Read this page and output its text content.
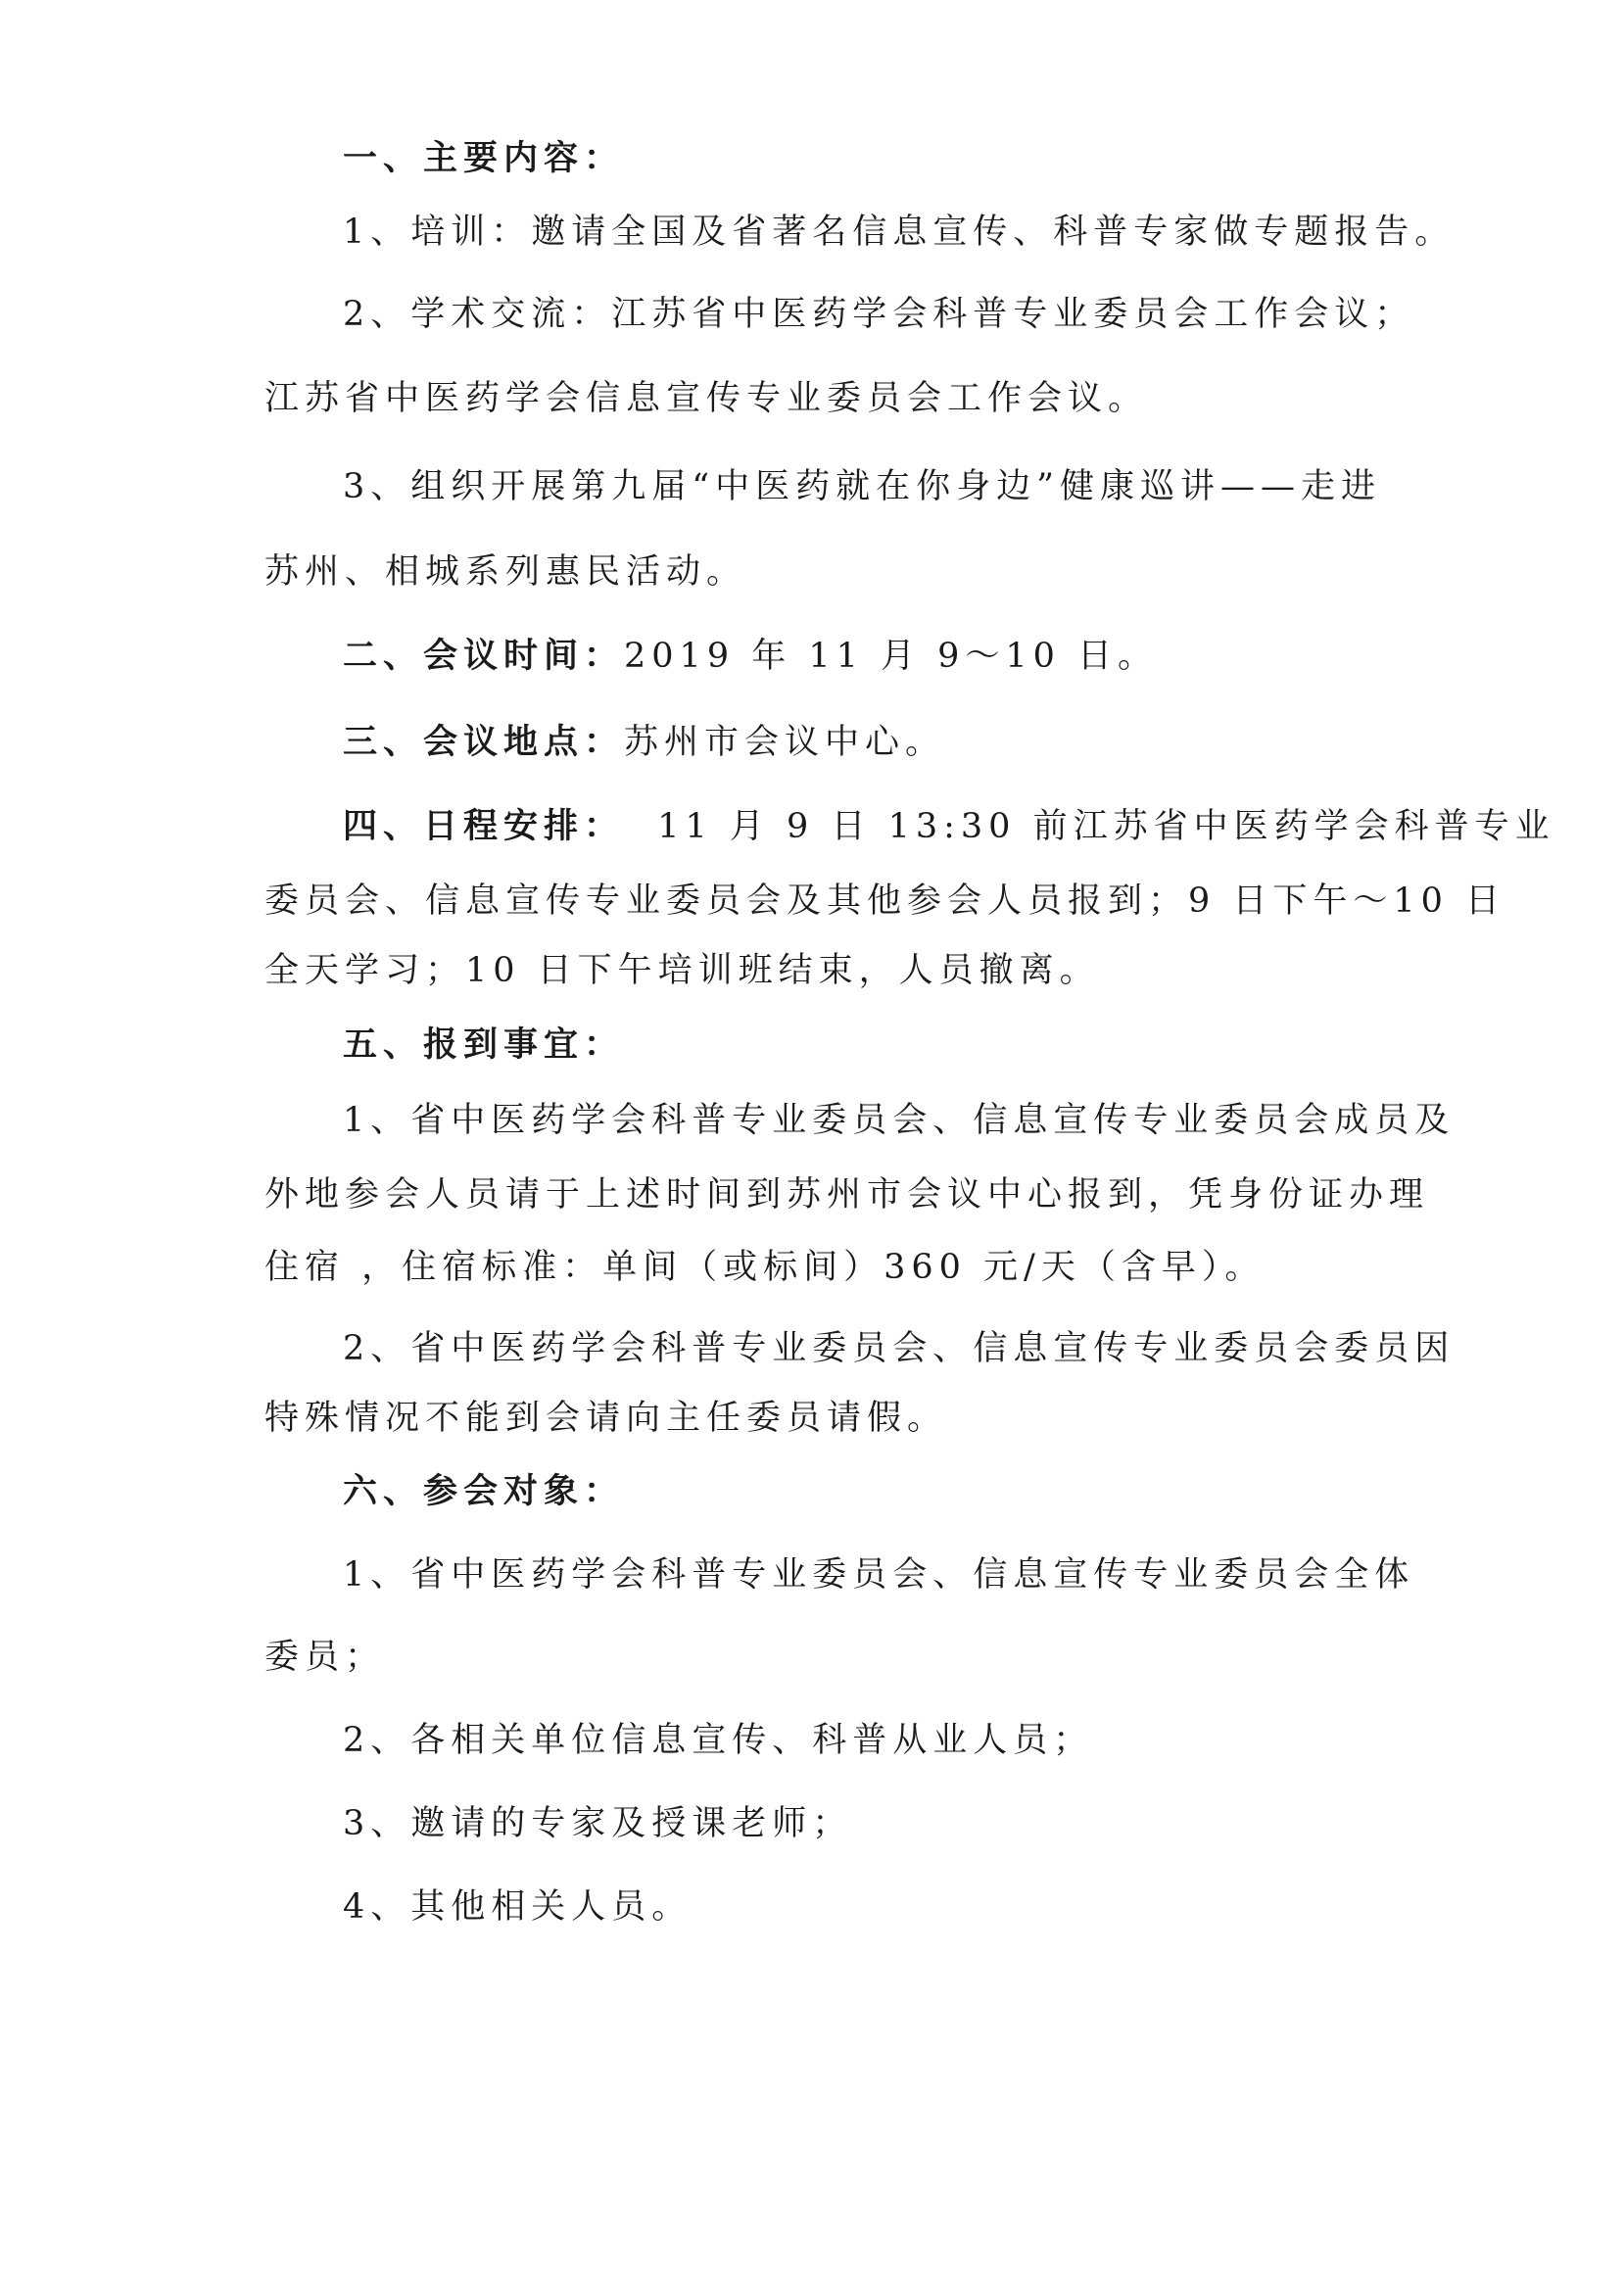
一、主要内容：
1、培训：邀请全国及省著名信息宣传、科普专家做专题报告。
2、学术交流：江苏省中医药学会科普专业委员会工作会议；
江苏省中医药学会信息宣传专业委员会工作会议。
3、组织开展第九届“中医药就在你身边”健康巡讲——走进
苏州、相城系列惠民活动。
二、会议时间：2019 年 11 月 9～10 日。
三、会议地点：苏州市会议中心。
四、日程安排：  11 月 9 日 13:30 前江苏省中医药学会科普专业
委员会、信息宣传专业委员会及其他参会人员报到；9 日下午～10 日
全天学习；10 日下午培训班结束，人员撤离。
五、报到事宜：
1、省中医药学会科普专业委员会、信息宣传专业委员会成员及
外地参会人员请于上述时间到苏州市会议中心报到，凭身份证办理
住宿 ，住宿标准：单间（或标间）360 元/天（含早）。
2、省中医药学会科普专业委员会、信息宣传专业委员会委员因
特殊情况不能到会请向主任委员请假。
六、参会对象：
1、省中医药学会科普专业委员会、信息宣传专业委员会全体
委员；
2、各相关单位信息宣传、科普从业人员；
3、邀请的专家及授课老师；
4、其他相关人员。
